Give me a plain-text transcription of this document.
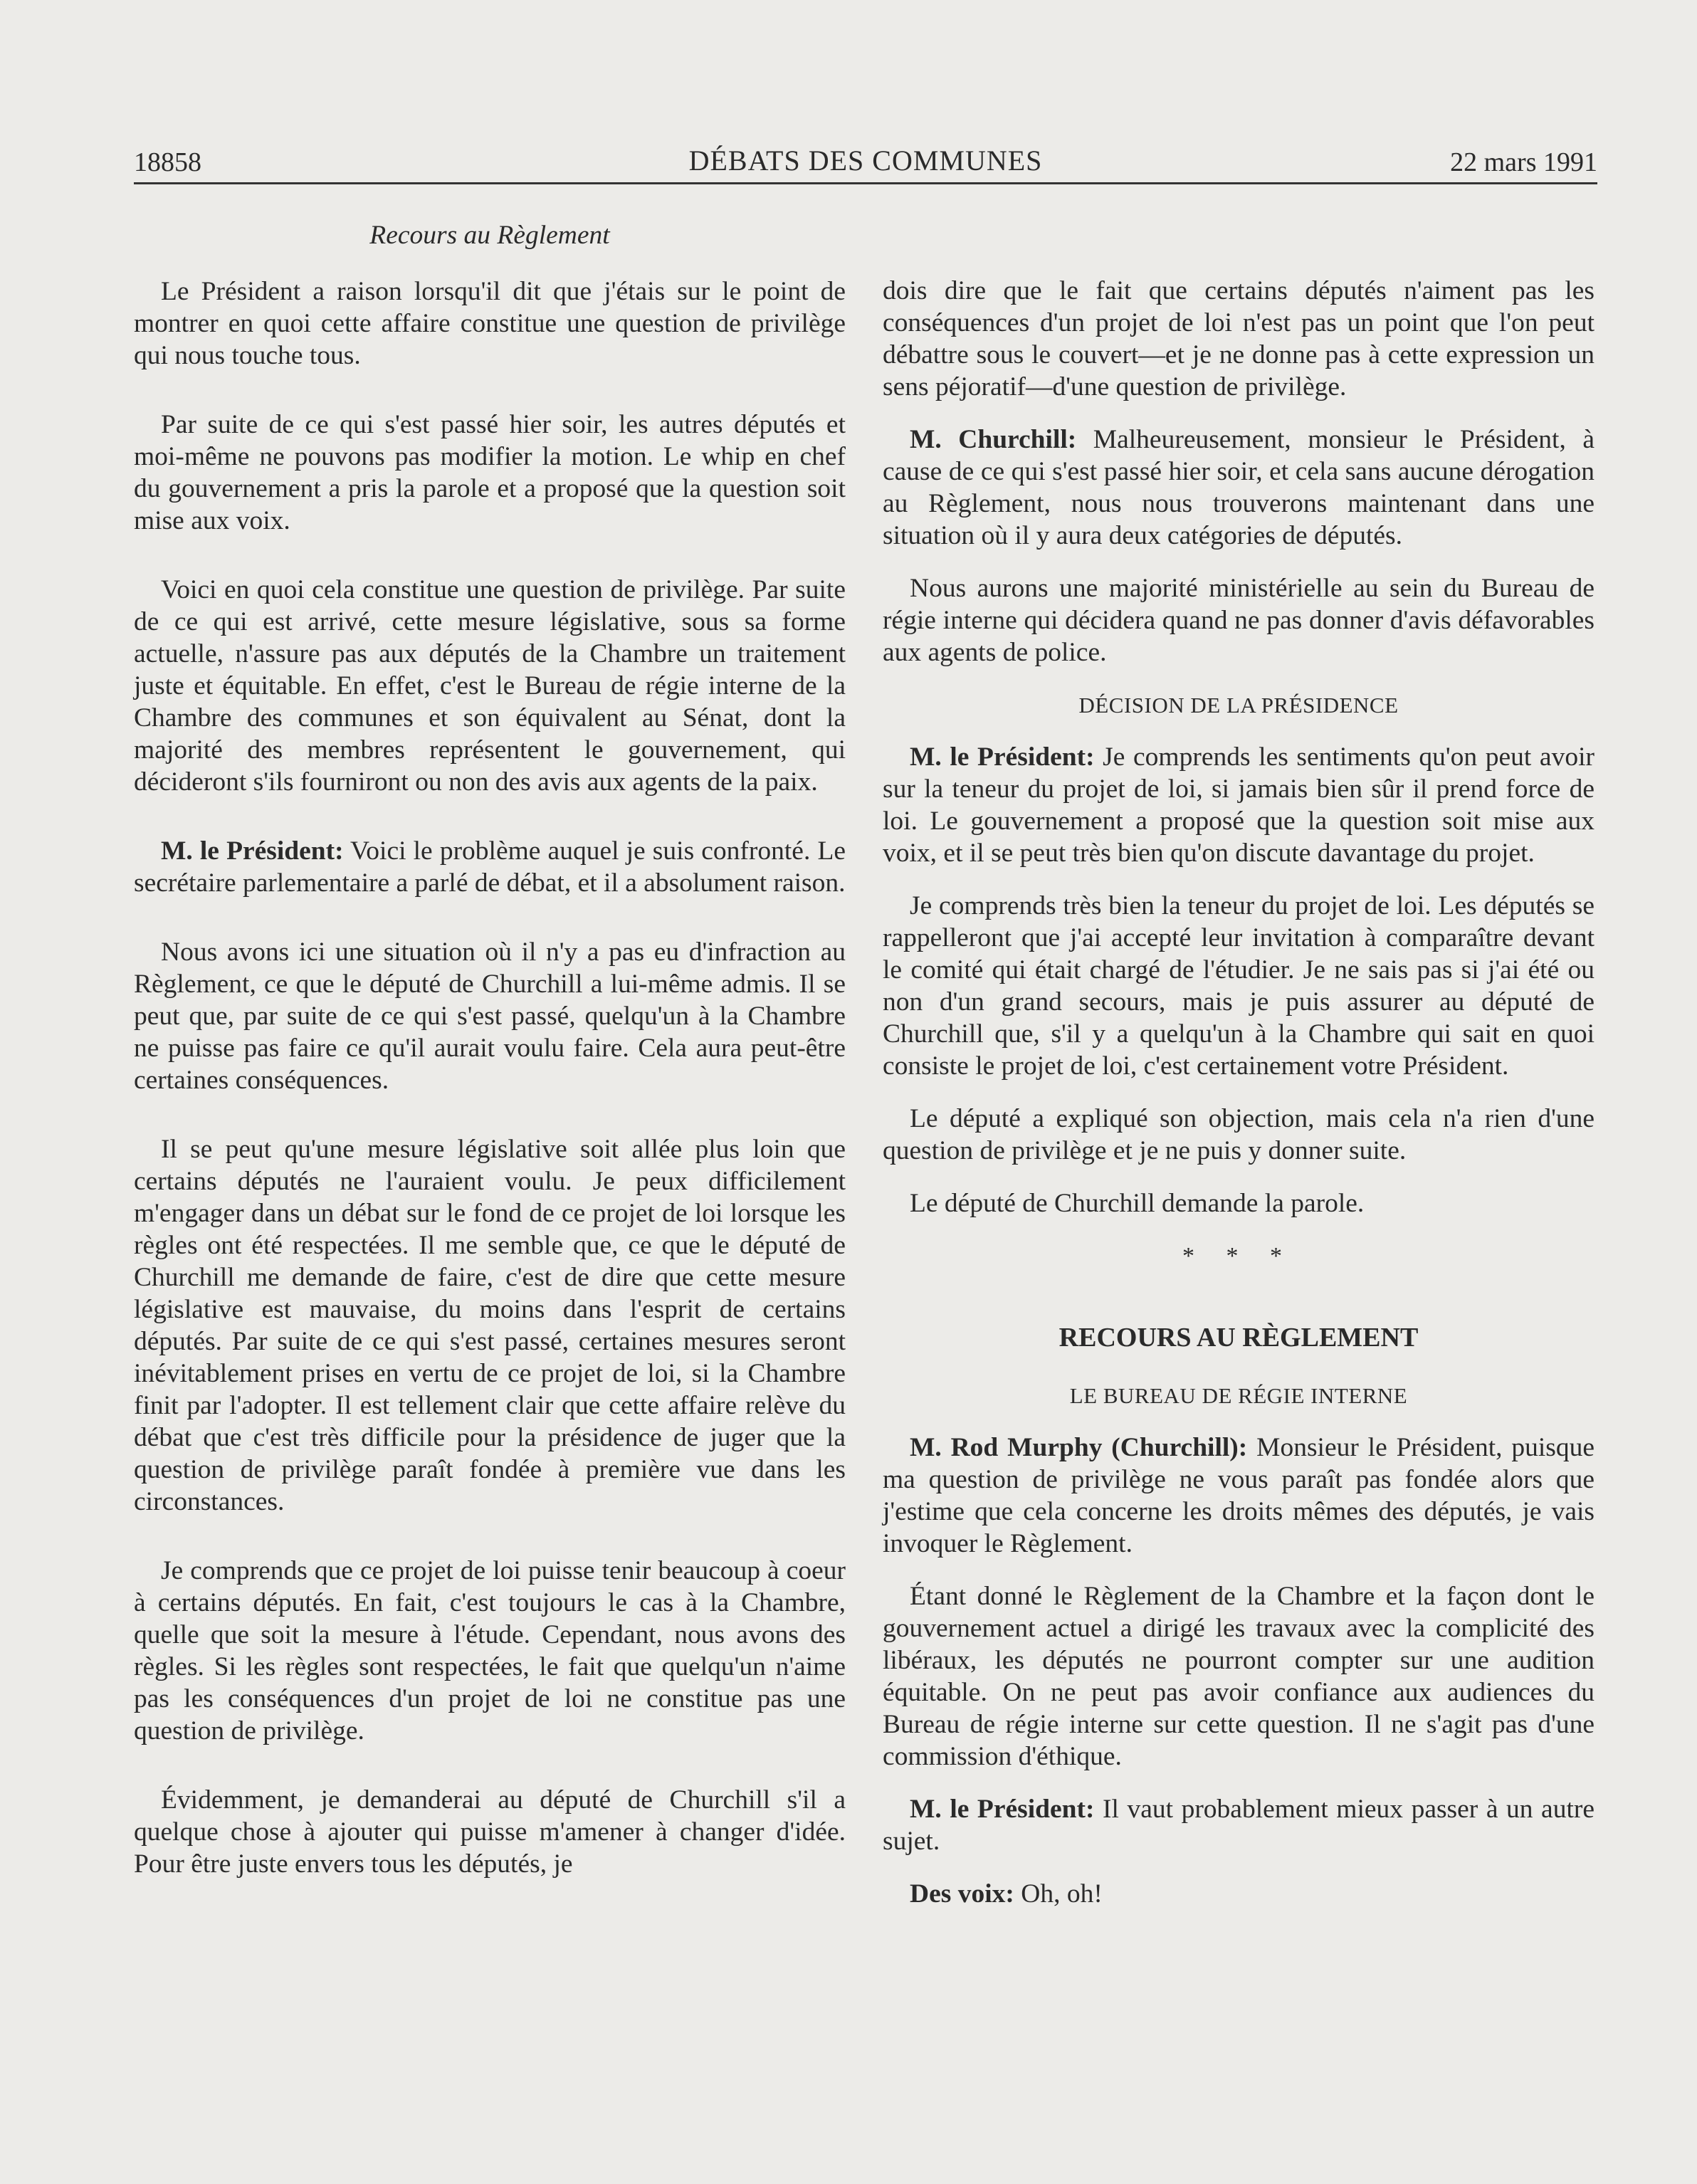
18858	DÉBATS DES COMMUNES	22 mars 1991
Recours au Règlement

Le Président a raison lorsqu'il dit que j'étais sur le point de montrer en quoi cette affaire constitue une question de privilège qui nous touche tous.

Par suite de ce qui s'est passé hier soir, les autres députés et moi-même ne pouvons pas modifier la motion. Le whip en chef du gouvernement a pris la parole et a proposé que la question soit mise aux voix.

Voici en quoi cela constitue une question de privilège. Par suite de ce qui est arrivé, cette mesure législative, sous sa forme actuelle, n'assure pas aux députés de la Chambre un traitement juste et équitable. En effet, c'est le Bureau de régie interne de la Chambre des communes et son équivalent au Sénat, dont la majorité des membres représentent le gouvernement, qui décideront s'ils fourniront ou non des avis aux agents de la paix.

M. le Président: Voici le problème auquel je suis confronté. Le secrétaire parlementaire a parlé de débat, et il a absolument raison.

Nous avons ici une situation où il n'y a pas eu d'infraction au Règlement, ce que le député de Churchill a lui-même admis. Il se peut que, par suite de ce qui s'est passé, quelqu'un à la Chambre ne puisse pas faire ce qu'il aurait voulu faire. Cela aura peut-être certaines conséquences.

Il se peut qu'une mesure législative soit allée plus loin que certains députés ne l'auraient voulu. Je peux difficilement m'engager dans un débat sur le fond de ce projet de loi lorsque les règles ont été respectées. Il me semble que, ce que le député de Churchill me demande de faire, c'est de dire que cette mesure législative est mauvaise, du moins dans l'esprit de certains députés. Par suite de ce qui s'est passé, certaines mesures seront inévitablement prises en vertu de ce projet de loi, si la Chambre finit par l'adopter. Il est tellement clair que cette affaire relève du débat que c'est très difficile pour la présidence de juger que la question de privilège paraît fondée à première vue dans les circonstances.

Je comprends que ce projet de loi puisse tenir beaucoup à coeur à certains députés. En fait, c'est toujours le cas à la Chambre, quelle que soit la mesure à l'étude. Cependant, nous avons des règles. Si les règles sont respectées, le fait que quelqu'un n'aime pas les conséquences d'un projet de loi ne constitue pas une question de privilège.

Évidemment, je demanderai au député de Churchill s'il a quelque chose à ajouter qui puisse m'amener à changer d'idée. Pour être juste envers tous les députés, je

dois dire que le fait que certains députés n'aiment pas les conséquences d'un projet de loi n'est pas un point que l'on peut débattre sous le couvert—et je ne donne pas à cette expression un sens péjoratif—d'une question de privilège.

M. Churchill: Malheureusement, monsieur le Président, à cause de ce qui s'est passé hier soir, et cela sans aucune dérogation au Règlement, nous nous trouverons maintenant dans une situation où il y aura deux catégories de députés.

Nous aurons une majorité ministérielle au sein du Bureau de régie interne qui décidera quand ne pas donner d'avis défavorables aux agents de police.

DÉCISION DE LA PRÉSIDENCE

M. le Président: Je comprends les sentiments qu'on peut avoir sur la teneur du projet de loi, si jamais bien sûr il prend force de loi. Le gouvernement a proposé que la question soit mise aux voix, et il se peut très bien qu'on discute davantage du projet.

Je comprends très bien la teneur du projet de loi. Les députés se rappelleront que j'ai accepté leur invitation à comparaître devant le comité qui était chargé de l'étudier. Je ne sais pas si j'ai été ou non d'un grand secours, mais je puis assurer au député de Churchill que, s'il y a quelqu'un à la Chambre qui sait en quoi consiste le projet de loi, c'est certainement votre Président.

Le député a expliqué son objection, mais cela n'a rien d'une question de privilège et je ne puis y donner suite.

Le député de Churchill demande la parole.

* * *
RECOURS AU RÈGLEMENT
LE BUREAU DE RÉGIE INTERNE

M. Rod Murphy (Churchill): Monsieur le Président, puisque ma question de privilège ne vous paraît pas fondée alors que j'estime que cela concerne les droits mêmes des députés, je vais invoquer le Règlement.

Étant donné le Règlement de la Chambre et la façon dont le gouvernement actuel a dirigé les travaux avec la complicité des libéraux, les députés ne pourront compter sur une audition équitable. On ne peut pas avoir confiance aux audiences du Bureau de régie interne sur cette question. Il ne s'agit pas d'une commission d'éthique.

M. le Président: Il vaut probablement mieux passer à un autre sujet.

Des voix: Oh, oh!
